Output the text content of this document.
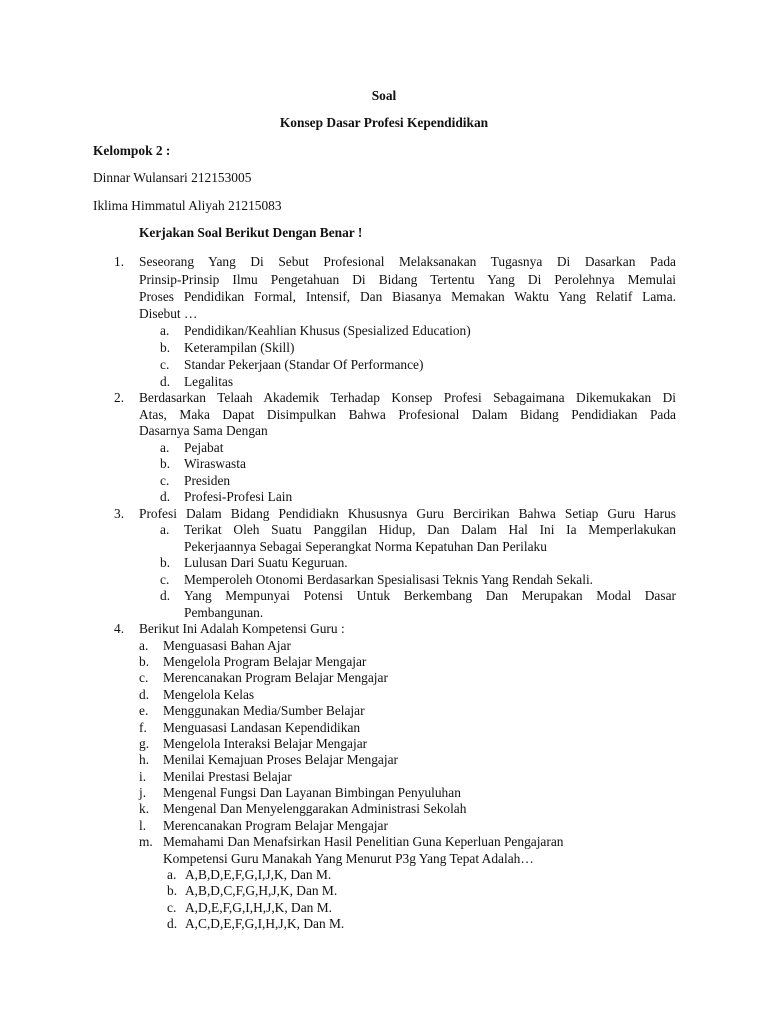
Soal
Konsep Dasar Profesi Kependidikan
Kelompok 2 :
Dinnar Wulansari 212153005
Iklima Himmatul Aliyah 21215083
Kerjakan Soal Berikut Dengan Benar !
1. Seseorang Yang Di Sebut Profesional Melaksanakan Tugasnya Di Dasarkan Pada
Prinsip-Prinsip Ilmu Pengetahuan Di Bidang Tertentu Yang Di Perolehnya Memulai
Proses Pendidikan Formal, Intensif, Dan Biasanya Memakan Waktu Yang Relatif Lama.
Disebut …
a. Pendidikan/Keahlian Khusus (Spesialized Education)
b. Keterampilan (Skill)
c. Standar Pekerjaan (Standar Of Performance)
d. Legalitas
2. Berdasarkan Telaah Akademik Terhadap Konsep Profesi Sebagaimana Dikemukakan Di
Atas, Maka Dapat Disimpulkan Bahwa Profesional Dalam Bidang Pendidiakan Pada
Dasarnya Sama Dengan
a. Pejabat
b. Wiraswasta
c. Presiden
d. Profesi-Profesi Lain
3. Profesi Dalam Bidang Pendidiakn Khususnya Guru Bercirikan Bahwa Setiap Guru Harus
a. Terikat Oleh Suatu Panggilan Hidup, Dan Dalam Hal Ini Ia Memperlakukan
Pekerjaannya Sebagai Seperangkat Norma Kepatuhan Dan Perilaku
b. Lulusan Dari Suatu Keguruan.
c. Memperoleh Otonomi Berdasarkan Spesialisasi Teknis Yang Rendah Sekali.
d. Yang Mempunyai Potensi Untuk Berkembang Dan Merupakan Modal Dasar
Pembangunan.
4. Berikut Ini Adalah Kompetensi Guru :
a. Menguasasi Bahan Ajar
b. Mengelola Program Belajar Mengajar
c. Merencanakan Program Belajar Mengajar
d. Mengelola Kelas
e. Menggunakan Media/Sumber Belajar
f. Menguasasi Landasan Kependidikan
g. Mengelola Interaksi Belajar Mengajar
h. Menilai Kemajuan Proses Belajar Mengajar
i. Menilai Prestasi Belajar
j. Mengenal Fungsi Dan Layanan Bimbingan Penyuluhan
k. Mengenal Dan Menyelenggarakan Administrasi Sekolah
l. Merencanakan Program Belajar Mengajar
m. Memahami Dan Menafsirkan Hasil Penelitian Guna Keperluan Pengajaran
Kompetensi Guru Manakah Yang Menurut P3g Yang Tepat Adalah…
a. A,B,D,E,F,G,I,J,K, Dan M.
b. A,B,D,C,F,G,H,J,K, Dan M.
c. A,D,E,F,G,I,H,J,K, Dan M.
d. A,C,D,E,F,G,I,H,J,K, Dan M.
